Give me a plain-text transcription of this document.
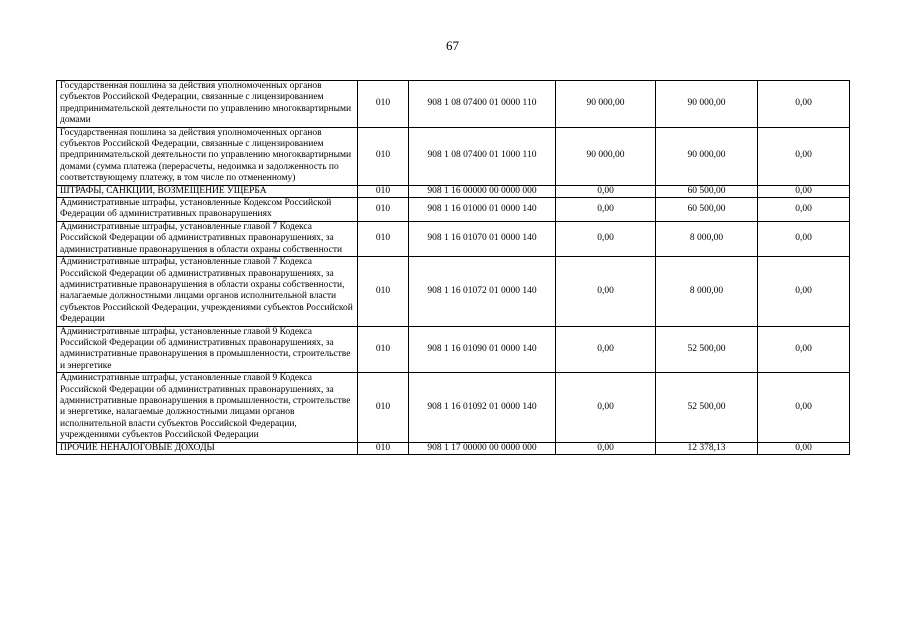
67
Государственная пошлина за действия уполномоченных органов субъектов Российской Федерации, связанные с лицензированием предпринимательской деятельности по управлению многоквартирными домами	010	908 1 08 07400 01 0000 110	90 000,00	90 000,00	0,00
Государственная пошлина за действия уполномоченных органов субъектов Российской Федерации, связанные с лицензированием предпринимательской деятельности по управлению многоквартирными домами (сумма платежа (перерасчеты, недоимка и задолженность по соответствующему платежу, в том числе по отмененному)	010	908 1 08 07400 01 1000 110	90 000,00	90 000,00	0,00
ШТРАФЫ, САНКЦИИ, ВОЗМЕЩЕНИЕ УЩЕРБА	010	908 1 16 00000 00 0000 000	0,00	60 500,00	0,00
Административные штрафы, установленные Кодексом Российской Федерации об административных правонарушениях	010	908 1 16 01000 01 0000 140	0,00	60 500,00	0,00
Административные штрафы, установленные главой 7 Кодекса Российской Федерации об административных правонарушениях, за административные правонарушения в области охраны собственности	010	908 1 16 01070 01 0000 140	0,00	8 000,00	0,00
Административные штрафы, установленные главой 7 Кодекса Российской Федерации об административных правонарушениях, за административные правонарушения в области охраны собственности, налагаемые должностными лицами органов исполнительной власти субъектов Российской Федерации, учреждениями субъектов Российской Федерации	010	908 1 16 01072 01 0000 140	0,00	8 000,00	0,00
Административные штрафы, установленные главой 9 Кодекса Российской Федерации об административных правонарушениях, за административные правонарушения в промышленности, строительстве и энергетике	010	908 1 16 01090 01 0000 140	0,00	52 500,00	0,00
Административные штрафы, установленные главой 9 Кодекса Российской Федерации об административных правонарушениях, за административные правонарушения в промышленности, строительстве и энергетике, налагаемые должностными лицами органов исполнительной власти субъектов Российской Федерации, учреждениями субъектов Российской Федерации	010	908 1 16 01092 01 0000 140	0,00	52 500,00	0,00
ПРОЧИЕ НЕНАЛОГОВЫЕ ДОХОДЫ	010	908 1 17 00000 00 0000 000	0,00	12 378,13	0,00
